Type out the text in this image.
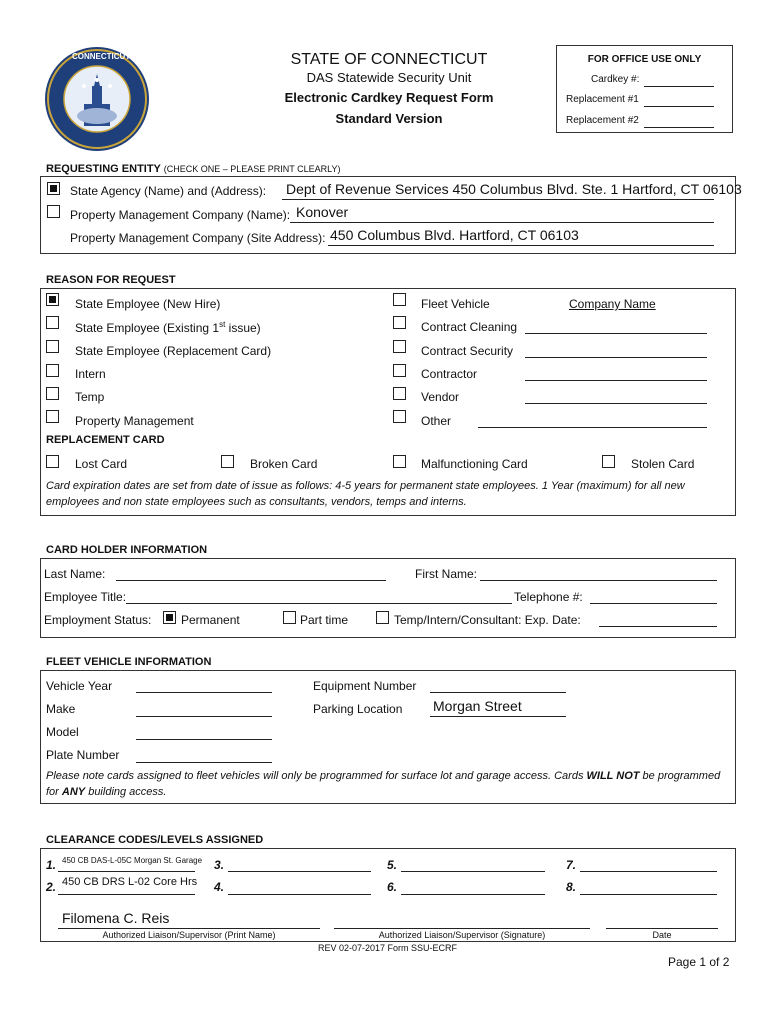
CONNECTICUT	STATE OF CONNECTICUT
DAS Statewide Security Unit
Electronic Cardkey Request Form
Standard Version
FOR OFFICE USE ONLY
Cardkey #:
Replacement #1
Replacement #2
REQUESTING ENTITY (CHECK ONE – PLEASE PRINT CLEARLY)
State Agency (Name) and (Address): Dept of Revenue Services 450 Columbus Blvd. Ste. 1 Hartford, CT 06103
Property Management Company (Name): Konover
Property Management Company (Site Address): 450 Columbus Blvd. Hartford, CT 06103
REASON FOR REQUEST
State Employee (New Hire)
State Employee (Existing 1st issue)
State Employee (Replacement Card)
Intern
Temp
Property Management
Fleet Vehicle	Company Name
Contract Cleaning
Contract Security
Contractor
Vendor
Other
REPLACEMENT CARD
Lost Card	Broken Card	Malfunctioning Card	Stolen Card
Card expiration dates are set from date of issue as follows: 4-5 years for permanent state employees. 1 Year (maximum) for all new employees and non state employees such as consultants, vendors, temps and interns.
CARD HOLDER INFORMATION
Last Name:	First Name:
Employee Title:	Telephone #:
Employment Status: Permanent	Part time	Temp/Intern/Consultant: Exp. Date:
FLEET VEHICLE INFORMATION
Vehicle Year
Make
Model
Plate Number
Equipment Number
Parking Location Morgan Street
Please note cards assigned to fleet vehicles will only be programmed for surface lot and garage access. Cards WILL NOT be programmed for ANY building access.
CLEARANCE CODES/LEVELS ASSIGNED
1. 450 CB DAS-L-05C Morgan St. Garage
2. 450 CB DRS L-02 Core Hrs
3.
4.
5.
6.
7.
8.
Filomena C. Reis
Authorized Liaison/Supervisor (Print Name)	Authorized Liaison/Supervisor (Signature)	Date
REV 02-07-2017 Form SSU-ECRF
Page 1 of 2
